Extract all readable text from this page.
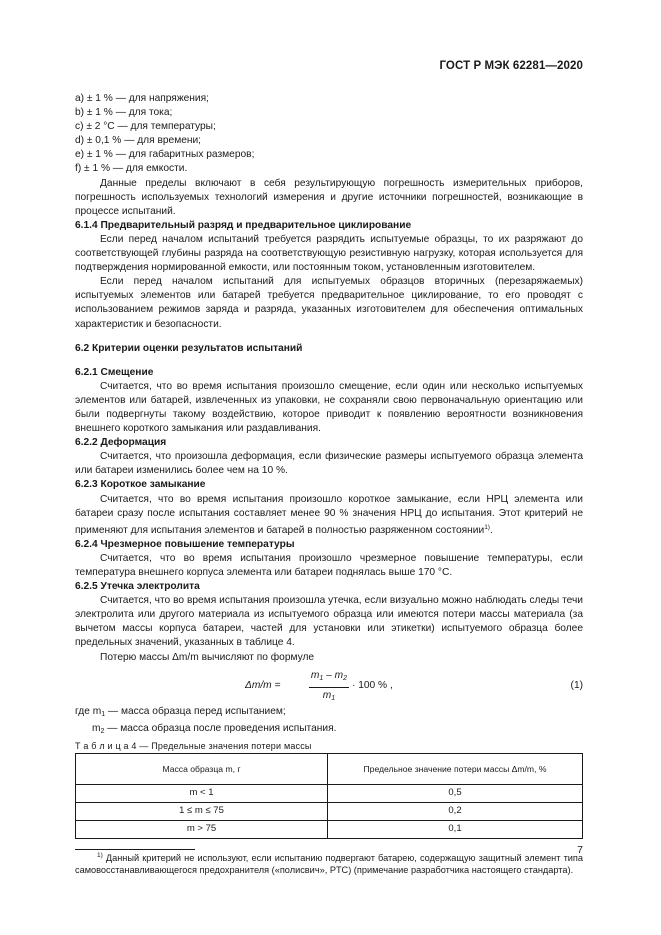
ГОСТ Р МЭК 62281—2020

a) ± 1 % — для напряжения;

b) ± 1 % — для тока;

c) ± 2 °C — для температуры;

d) ± 0,1 % — для времени;

e) ± 1 % — для габаритных размеров;

f) ± 1 % — для емкости.

Данные пределы включают в себя результирующую погрешность измерительных приборов, погрешность используемых технологий измерения и другие источники погрешностей, возникающие в процессе испытаний.

6.1.4 Предварительный разряд и предварительное циклирование

Если перед началом испытаний требуется разрядить испытуемые образцы, то их разряжают до соответствующей глубины разряда на соответствующую резистивную нагрузку, которая используется для подтверждения нормированной емкости, или постоянным током, установленным изготовителем.

Если перед началом испытаний для испытуемых образцов вторичных (перезаряжаемых) испытуемых элементов или батарей требуется предварительное циклирование, то его проводят с использованием режимов заряда и разряда, указанных изготовителем для обеспечения оптимальных характеристик и безопасности.

6.2 Критерии оценки результатов испытаний

6.2.1 Смещение

Считается, что во время испытания произошло смещение, если один или несколько испытуемых элементов или батарей, извлеченных из упаковки, не сохраняли свою первоначальную ориентацию или были подвергнуты такому воздействию, которое приводит к появлению вероятности возникновения внешнего короткого замыкания или раздавливания.

6.2.2 Деформация

Считается, что произошла деформация, если физические размеры испытуемого образца элемента или батареи изменились более чем на 10 %.

6.2.3 Короткое замыкание

Считается, что во время испытания произошло короткое замыкание, если НРЦ элемента или батареи сразу после испытания составляет менее 90 % значения НРЦ до испытания. Этот критерий не применяют для испытания элементов и батарей в полностью разряженном состоянии$^{1)}$.

6.2.4 Чрезмерное повышение температуры

Считается, что во время испытания произошло чрезмерное повышение температуры, если температура внешнего корпуса элемента или батареи поднялась выше 170 °C.

6.2.5 Утечка электролита

Считается, что во время испытания произошла утечка, если визуально можно наблюдать следы течи электролита или другого материала из испытуемого образца или имеются потери массы материала (за вычетом массы корпуса батареи, частей для установки или этикетки) испытуемого образца более предельных значений, указанных в таблице 4.

Потерю массы Δm/m вычисляют по формуле

Δm/m =	$\frac{m_1 - m_2}{m_1} \cdot 100$ % ,	(1)

где $m_1$ — масса образца перед испытанием;

$m_2$ — масса образца после проведения испытания.

Т а б л и ц а 4 — Предельные значения потери массы

Масса образца m, г	Предельное значение потери массы Δm/m, %
m < 1	0,5
1 ≤ m ≤ 75	0,2
m > 75	0,1

$^{1)}$ Данный критерий не используют, если испытанию подвергают батарею, содержащую защитный элемент типа самовосстанавливающегося предохранителя («полисвич», PTC) (примечание разработчика настоящего стандарта).

7
